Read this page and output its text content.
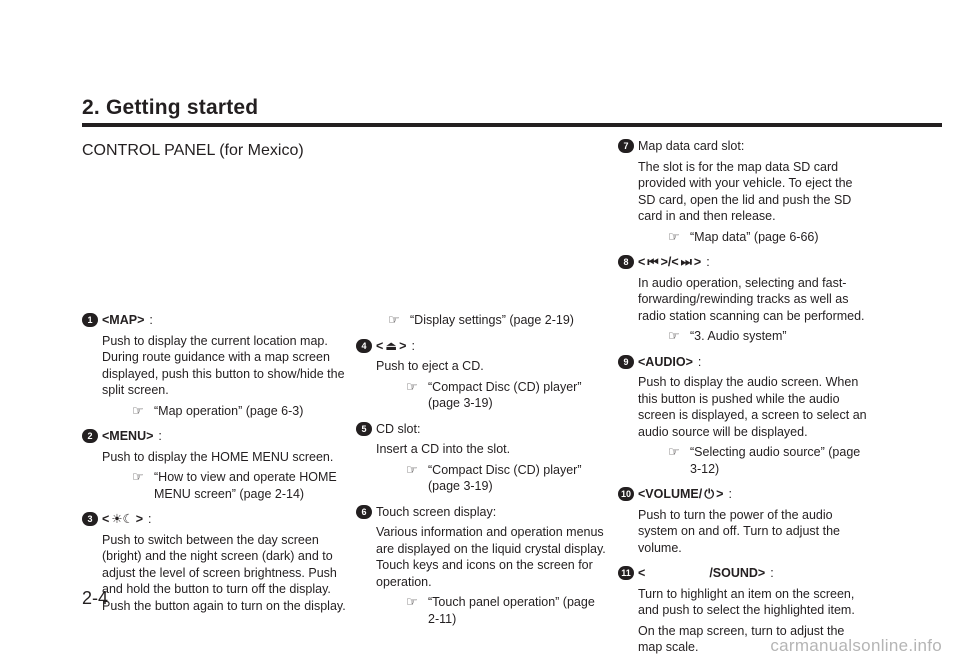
2. Getting started
CONTROL PANEL (for Mexico)
1 <MAP> :
Push to display the current location map. During route guidance with a map screen displayed, push this button to show/hide the split screen.
☞ “Map operation” (page 6-3)
2 <MENU> :
Push to display the HOME MENU screen.
☞ “How to view and operate HOME MENU screen” (page 2-14)
3 < ☀☾ > :
Push to switch between the day screen (bright) and the night screen (dark) and to adjust the level of screen brightness. Push and hold the button to turn off the display. Push the button again to turn on the display.
☞ “Display settings” (page 2-19)
4 < ⏏ > :
Push to eject a CD.
☞ “Compact Disc (CD) player” (page 3-19)
5 CD slot:
Insert a CD into the slot.
☞ “Compact Disc (CD) player” (page 3-19)
6 Touch screen display:
Various information and operation menus are displayed on the liquid crystal display. Touch keys and icons on the screen for operation.
☞ “Touch panel operation” (page 2-11)
7 Map data card slot:
The slot is for the map data SD card provided with your vehicle. To eject the SD card, open the lid and push the SD card in and then release.
☞ “Map data” (page 6-66)
8 < ⏮ >/< ⏭ > :
In audio operation, selecting and fast-forwarding/rewinding tracks as well as radio station scanning can be performed.
☞ “3. Audio system”
9 <AUDIO> :
Push to display the audio screen. When this button is pushed while the audio screen is displayed, a screen to select an audio source will be displayed.
☞ “Selecting audio source” (page 3-12)
10 <VOLUME/ ⏻ > :
Push to turn the power of the audio system on and off. Turn to adjust the volume.
11 <	/SOUND> :
Turn to highlight an item on the screen, and push to select the highlighted item.
On the map screen, turn to adjust the map scale.
2-4
carmanualsonline.info
